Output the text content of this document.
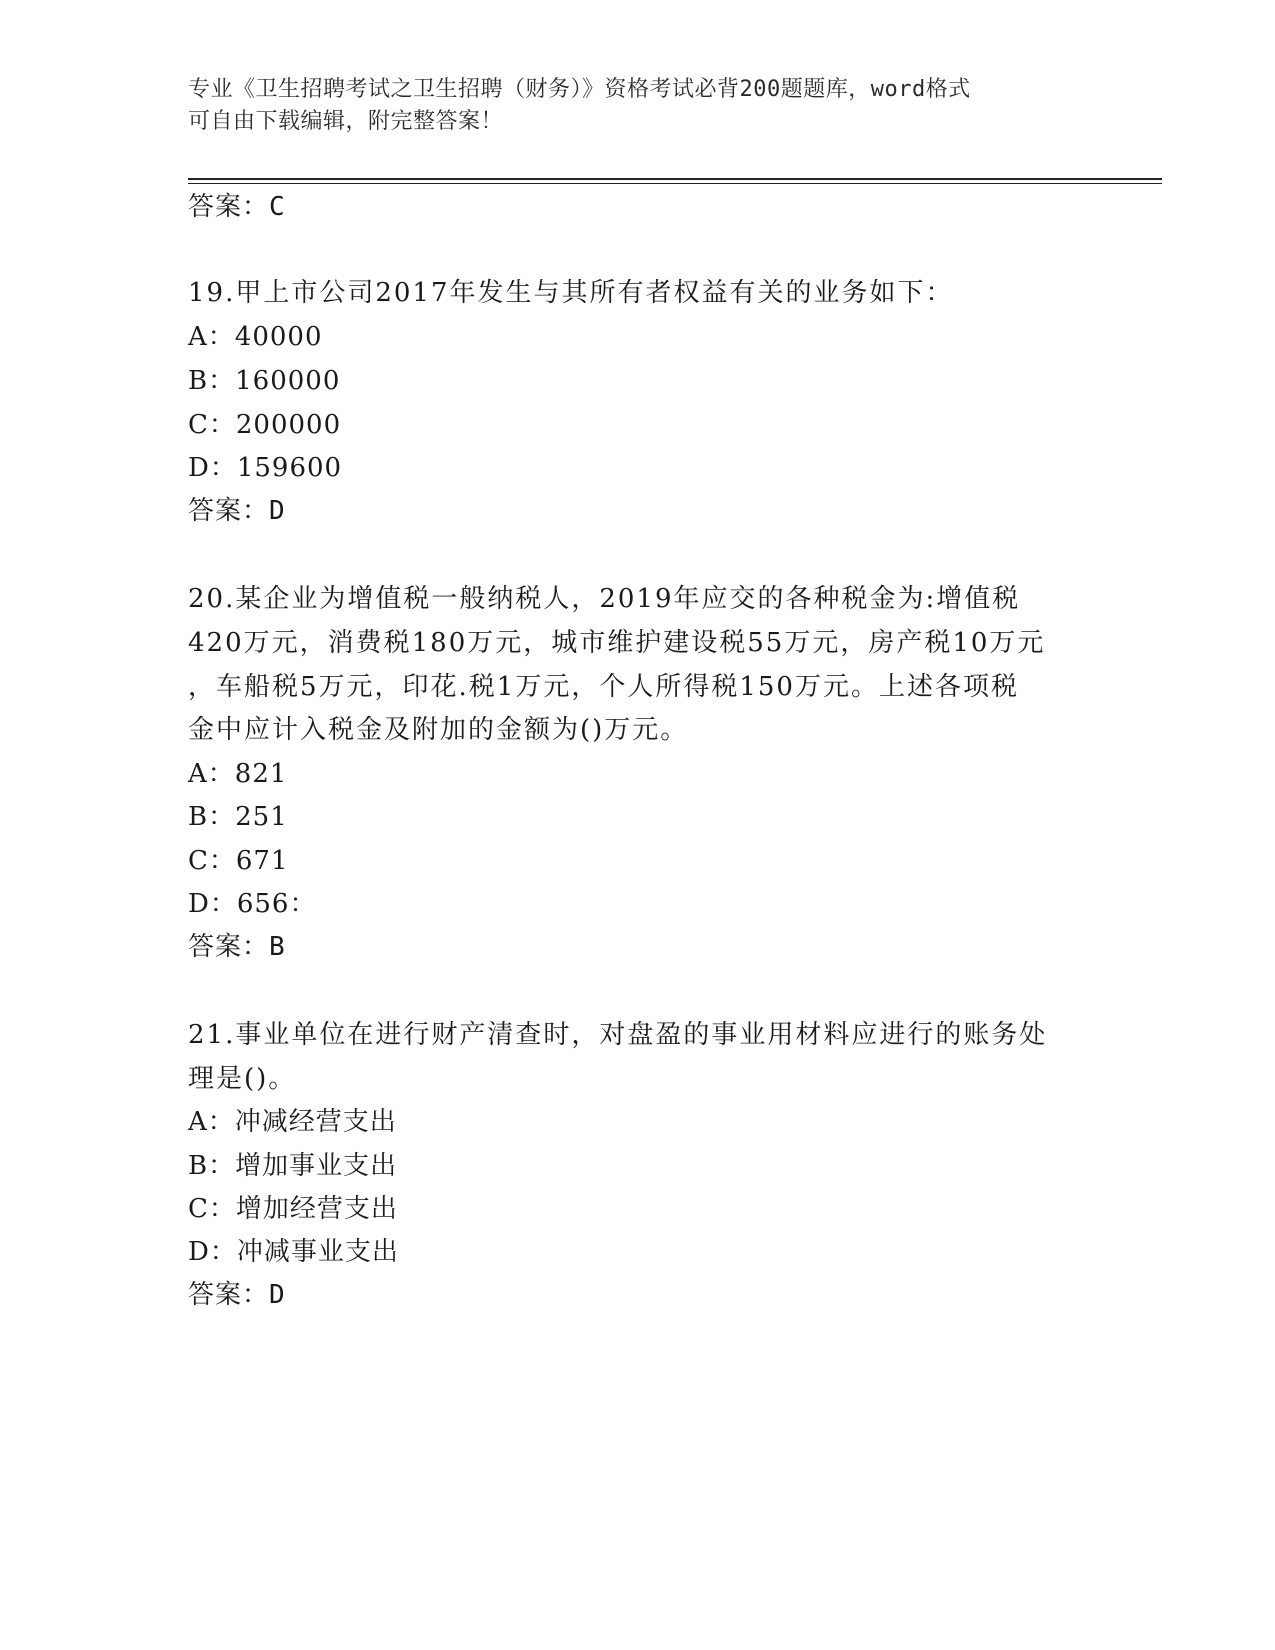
专业《卫生招聘考试之卫生招聘（财务）》资格考试必背200题题库，word格式
可自由下载编辑，附完整答案！
答案：C
19.甲上市公司2017年发生与其所有者权益有关的业务如下：
A：40000
B：160000
C：200000
D：159600
答案：D
20.某企业为增值税一般纳税人，2019年应交的各种税金为:增值税
420万元，消费税180万元，城市维护建设税55万元，房产税10万元
，车船税5万元，印花.税1万元，个人所得税150万元。上述各项税
金中应计入税金及附加的金额为()万元。
A：821
B：251
C：671
D：656：
答案：B
21.事业单位在进行财产清查时，对盘盈的事业用材料应进行的账务处
理是()。
A：冲减经营支出
B：增加事业支出
C：增加经营支出
D：冲减事业支出
答案：D
